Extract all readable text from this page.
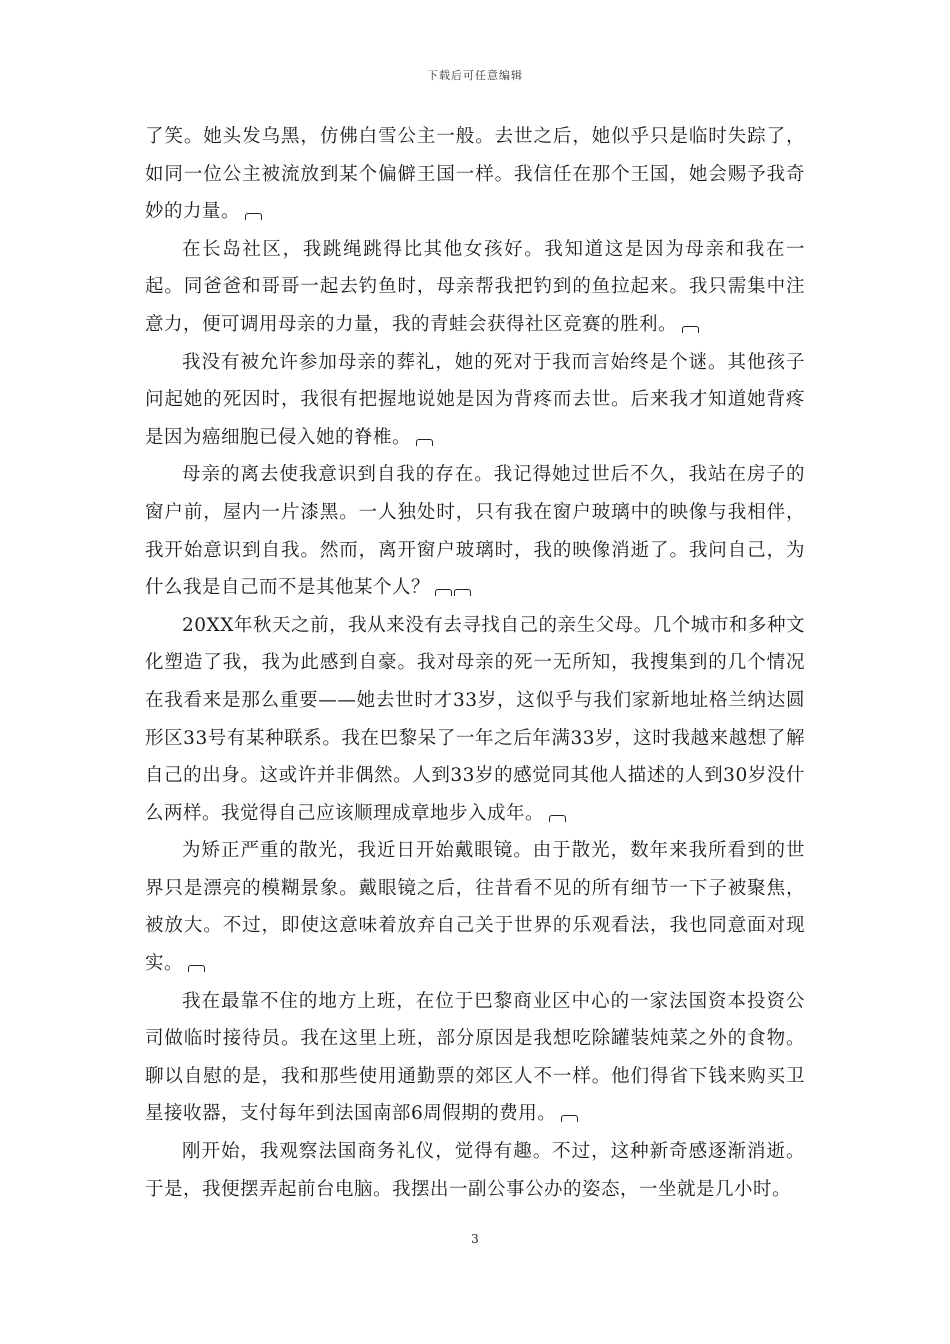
下载后可任意编辑

了笑。她头发乌黑，仿佛白雪公主一般。去世之后，她似乎只是临时失踪了，如同一位公主被流放到某个偏僻王国一样。我信任在那个王国，她会赐予我奇妙的力量。

在长岛社区，我跳绳跳得比其他女孩好。我知道这是因为母亲和我在一起。同爸爸和哥哥一起去钓鱼时，母亲帮我把钓到的鱼拉起来。我只需集中注意力，便可调用母亲的力量，我的青蛙会获得社区竞赛的胜利。

我没有被允许参加母亲的葬礼，她的死对于我而言始终是个谜。其他孩子问起她的死因时，我很有把握地说她是因为背疼而去世。后来我才知道她背疼是因为癌细胞已侵入她的脊椎。

母亲的离去使我意识到自我的存在。我记得她过世后不久，我站在房子的窗户前，屋内一片漆黑。一人独处时，只有我在窗户玻璃中的映像与我相伴，我开始意识到自我。然而，离开窗户玻璃时，我的映像消逝了。我问自己，为什么我是自己而不是其他某个人？

20XX年秋天之前，我从来没有去寻找自己的亲生父母。几个城市和多种文化塑造了我，我为此感到自豪。我对母亲的死一无所知，我搜集到的几个情况在我看来是那么重要——她去世时才33岁，这似乎与我们家新地址格兰纳达圆形区33号有某种联系。我在巴黎呆了一年之后年满33岁，这时我越来越想了解自己的出身。这或许并非偶然。人到33岁的感觉同其他人描述的人到30岁没什么两样。我觉得自己应该顺理成章地步入成年。

为矫正严重的散光，我近日开始戴眼镜。由于散光，数年来我所看到的世界只是漂亮的模糊景象。戴眼镜之后，往昔看不见的所有细节一下子被聚焦，被放大。不过，即使这意味着放弃自己关于世界的乐观看法，我也同意面对现实。

我在最靠不住的地方上班，在位于巴黎商业区中心的一家法国资本投资公司做临时接待员。我在这里上班，部分原因是我想吃除罐装炖菜之外的食物。聊以自慰的是，我和那些使用通勤票的郊区人不一样。他们得省下钱来购买卫星接收器，支付每年到法国南部6周假期的费用。

刚开始，我观察法国商务礼仪，觉得有趣。不过，这种新奇感逐渐消逝。于是，我便摆弄起前台电脑。我摆出一副公事公办的姿态，一坐就是几小时。

3
